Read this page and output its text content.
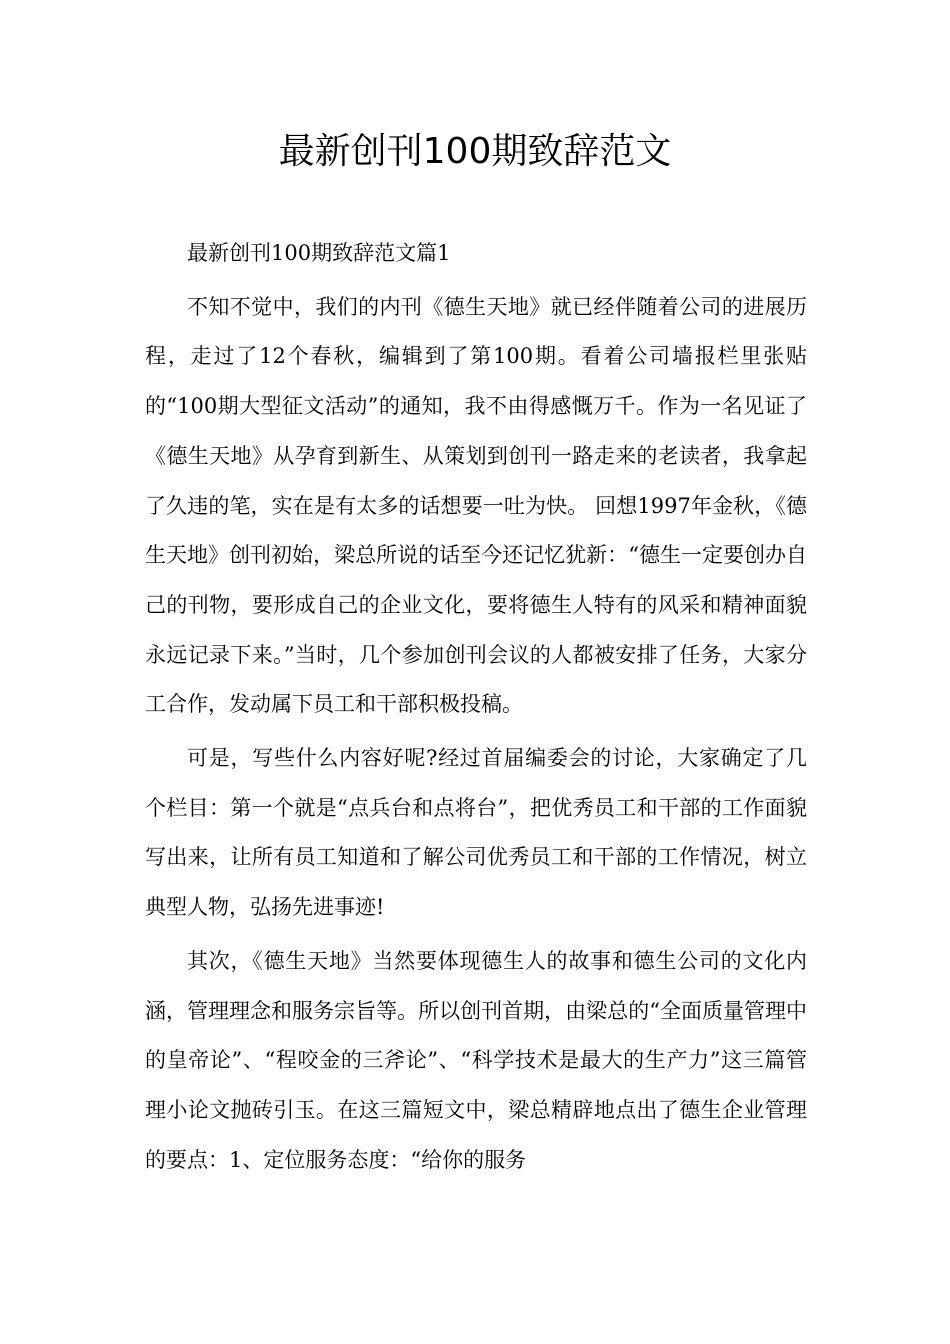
最新创刊100期致辞范文

最新创刊100期致辞范文篇1

不知不觉中，我们的内刊《德生天地》就已经伴随着公司的进展历程，走过了12个春秋，编辑到了第100期。看着公司墙报栏里张贴的“100期大型征文活动”的通知，我不由得感慨万千。作为一名见证了《德生天地》从孕育到新生、从策划到创刊一路走来的老读者，我拿起了久违的笔，实在是有太多的话想要一吐为快。 回想1997年金秋，《德生天地》创刊初始，梁总所说的话至今还记忆犹新：“德生一定要创办自己的刊物，要形成自己的企业文化，要将德生人特有的风采和精神面貌永远记录下来。”当时，几个参加创刊会议的人都被安排了任务，大家分工合作，发动属下员工和干部积极投稿。

可是，写些什么内容好呢?经过首届编委会的讨论，大家确定了几个栏目：第一个就是“点兵台和点将台”，把优秀员工和干部的工作面貌写出来，让所有员工知道和了解公司优秀员工和干部的工作情况，树立典型人物，弘扬先进事迹!

其次，《德生天地》当然要体现德生人的故事和德生公司的文化内涵，管理理念和服务宗旨等。所以创刊首期，由梁总的“全面质量管理中的皇帝论”、“程咬金的三斧论”、“科学技术是最大的生产力”这三篇管理小论文抛砖引玉。在这三篇短文中，梁总精辟地点出了德生企业管理的要点：1、定位服务态度：“给你的服务
